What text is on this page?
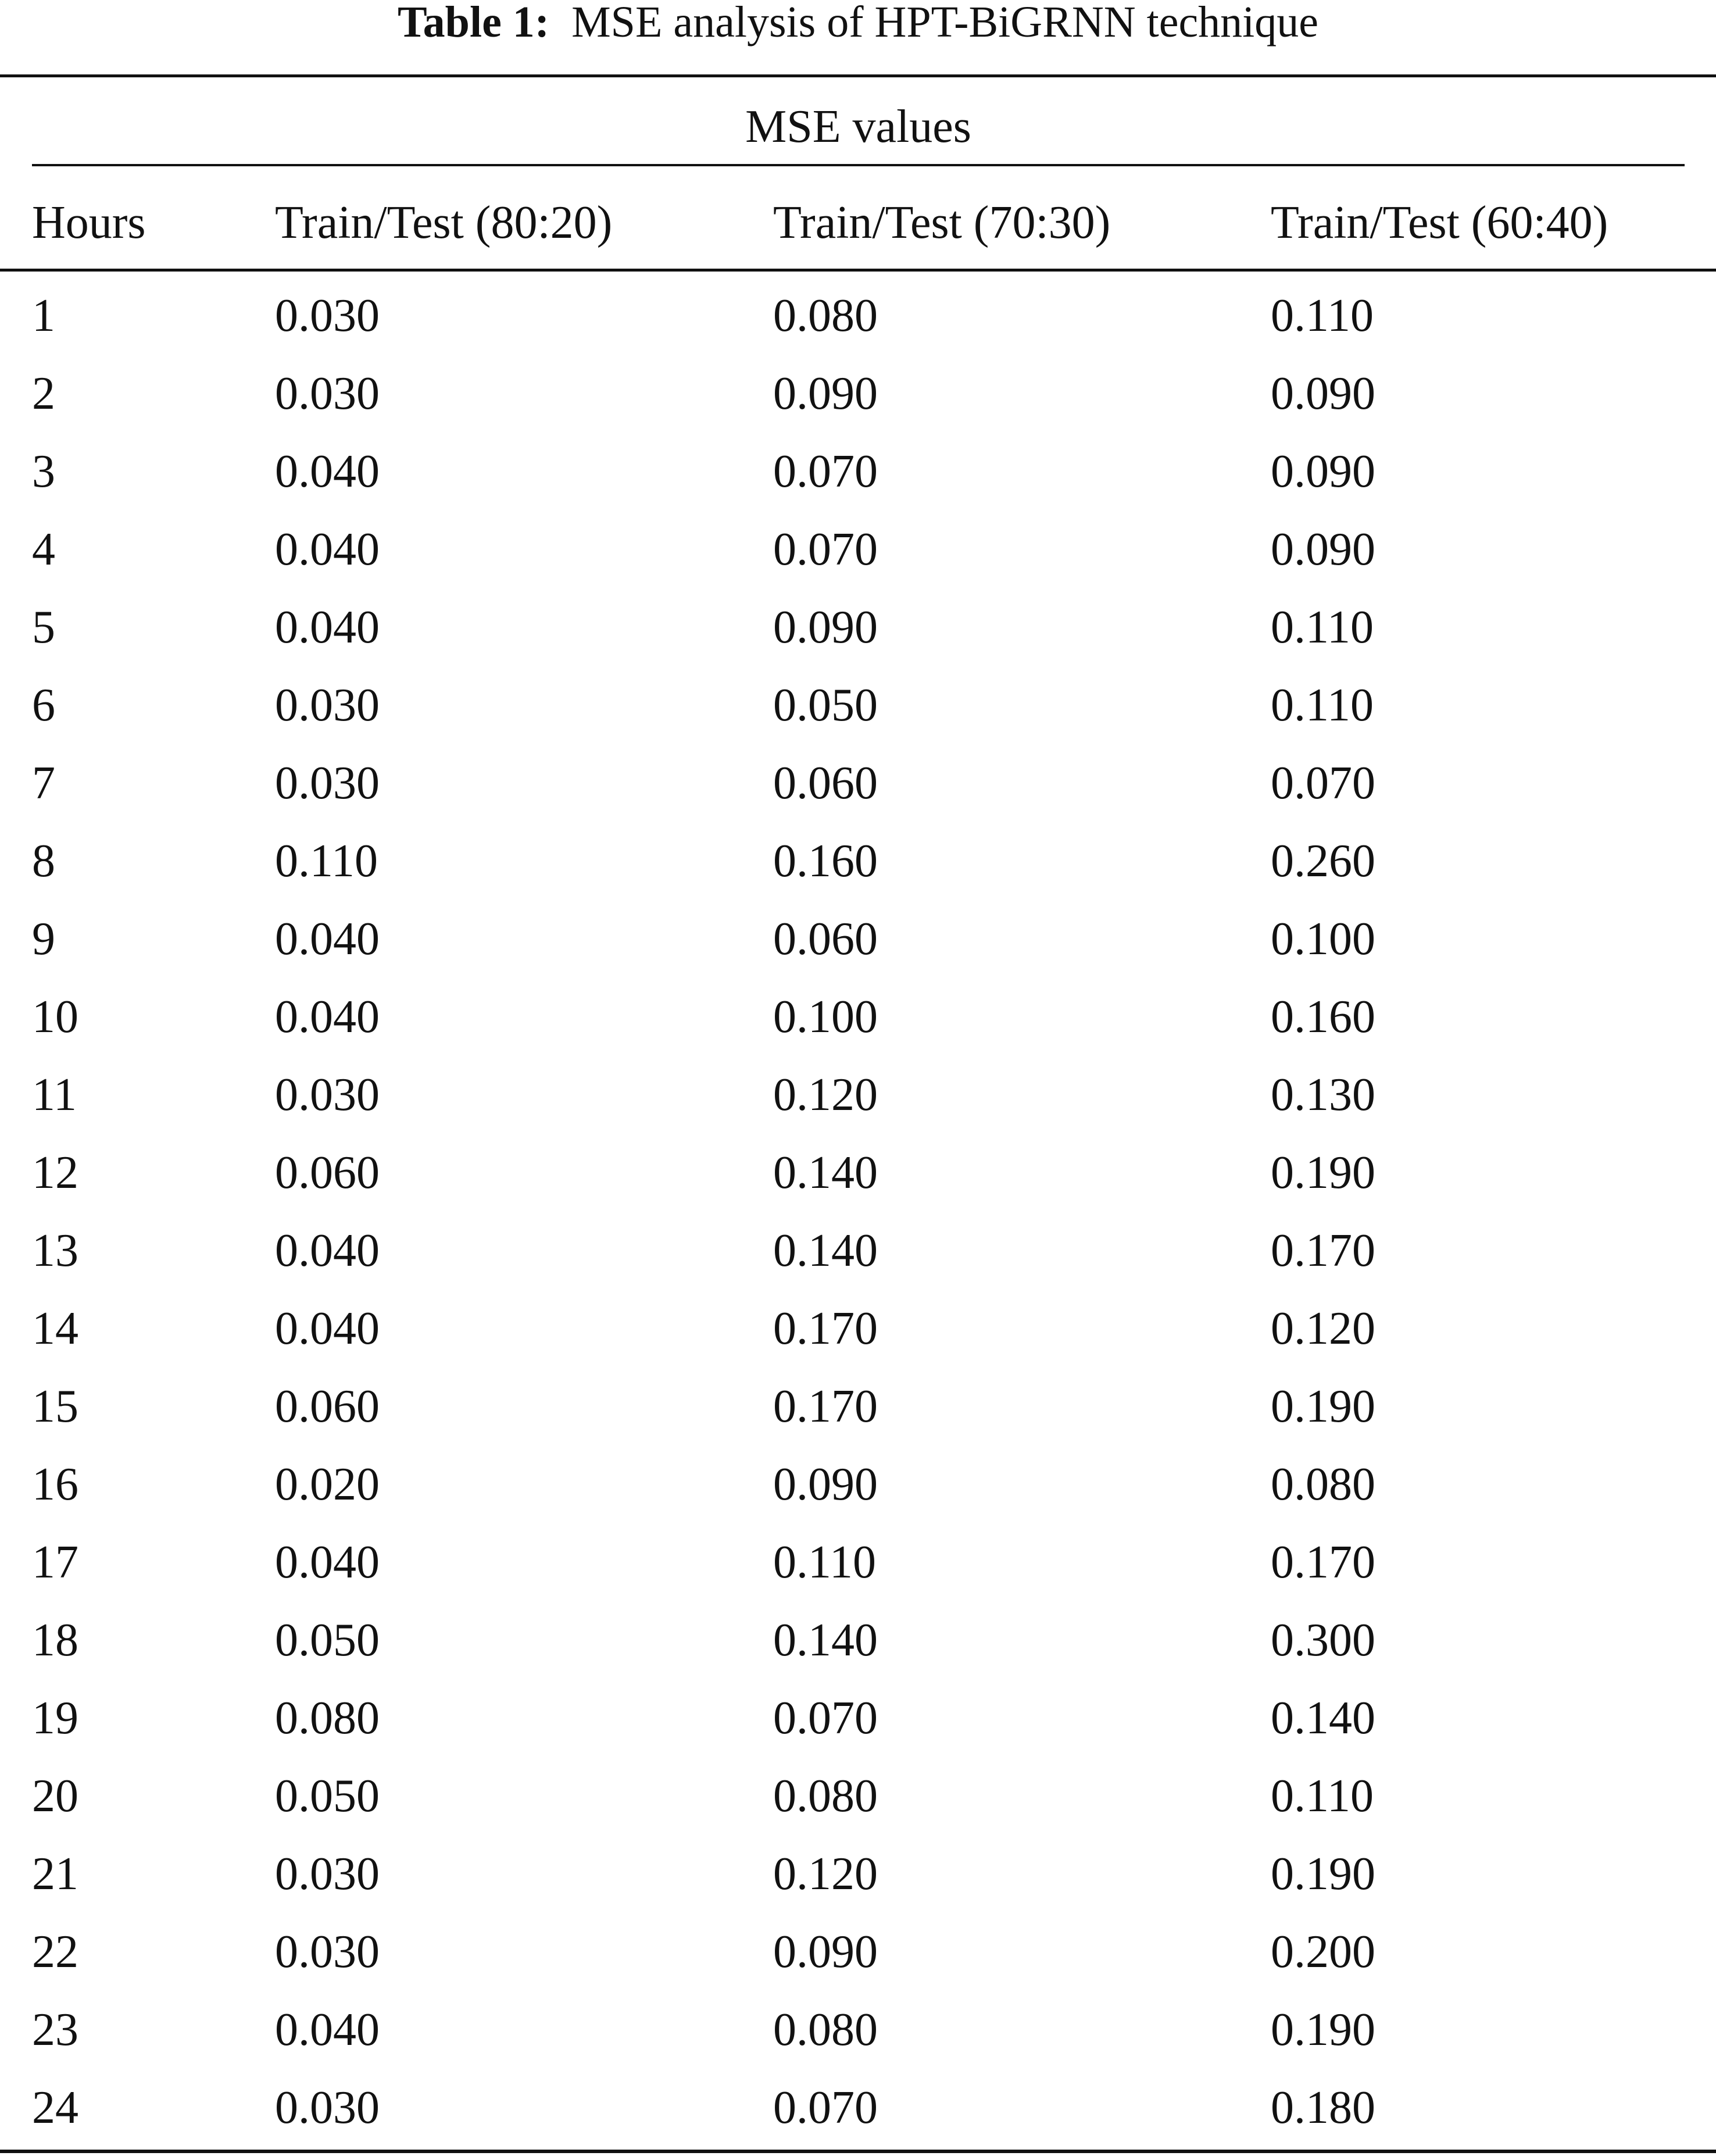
Table 1: MSE analysis of HPT-BiGRNN technique
MSE values
Hours	Train/Test (80:20)	Train/Test (70:30)	Train/Test (60:40)
1	0.030	0.080	0.110
2	0.030	0.090	0.090
3	0.040	0.070	0.090
4	0.040	0.070	0.090
5	0.040	0.090	0.110
6	0.030	0.050	0.110
7	0.030	0.060	0.070
8	0.110	0.160	0.260
9	0.040	0.060	0.100
10	0.040	0.100	0.160
11	0.030	0.120	0.130
12	0.060	0.140	0.190
13	0.040	0.140	0.170
14	0.040	0.170	0.120
15	0.060	0.170	0.190
16	0.020	0.090	0.080
17	0.040	0.110	0.170
18	0.050	0.140	0.300
19	0.080	0.070	0.140
20	0.050	0.080	0.110
21	0.030	0.120	0.190
22	0.030	0.090	0.200
23	0.040	0.080	0.190
24	0.030	0.070	0.180
